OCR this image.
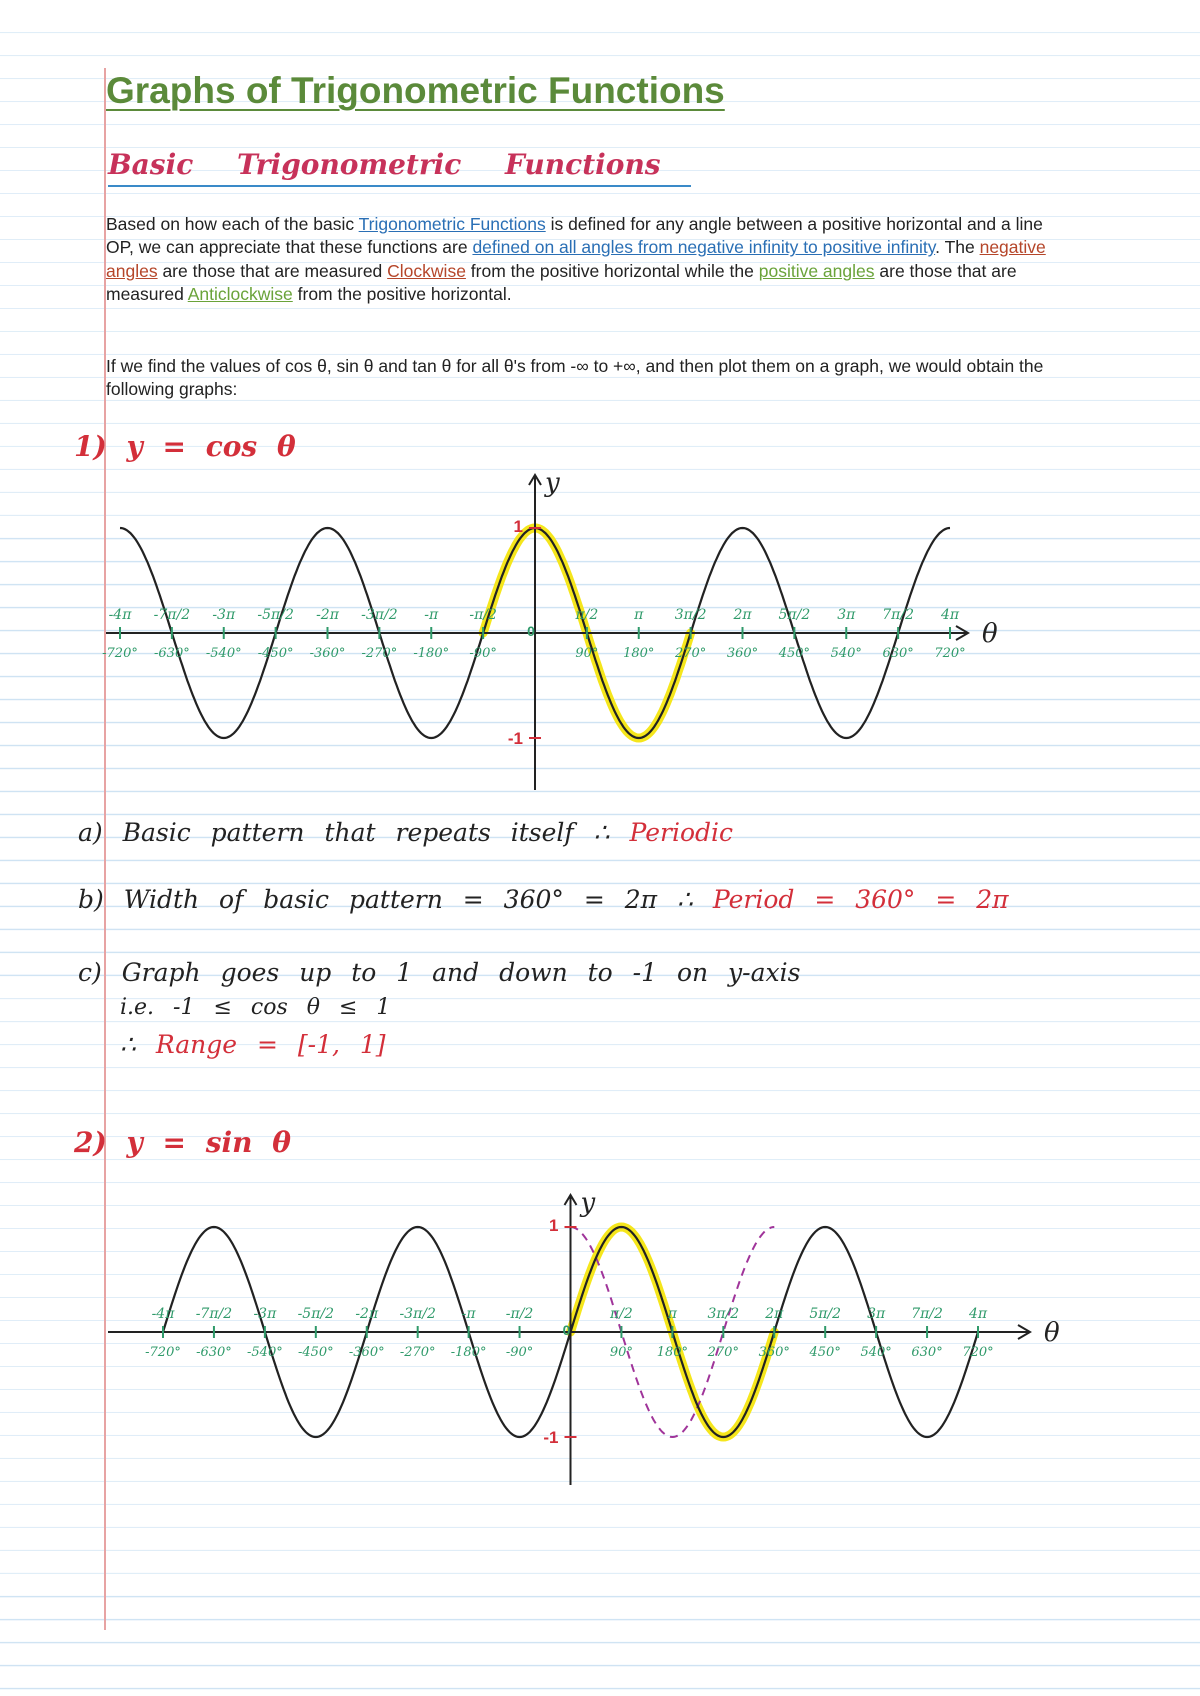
Graphs of Trigonometric Functions
Basic Trigonometric Functions

Based on how each of the basic Trigonometric Functions is defined for any angle between a positive horizontal and a line OP, we can appreciate that these functions are defined on all angles from negative infinity to positive infinity. The negative angles are those that are measured Clockwise from the positive horizontal while the positive angles are those that are measured Anticlockwise from the positive horizontal.

If we find the values of cos θ, sin θ and tan θ for all θ's from -∞ to +∞, and then plot them on a graph, we would obtain the following graphs:

1) y = cos θ
-4π
-720°
-7π/2
-630°
-3π
-540°
-5π/2
-450°
-2π
-360°
-3π/2
-270°
-π
-180°
-π/2
-90°
π/2
90°
π
180°
3π/2
270°
2π
360°
5π/2
450°
3π
540°
7π/2
630°
4π
720°
1
0
-1
θ
y

a) Basic pattern that repeats itself ∴ Periodic

b) Width of basic pattern = 360° = 2π ∴ Period = 360° = 2π

c) Graph goes up to 1 and down to -1 on y-axis

i.e. -1 ≤ cos θ ≤ 1

∴ Range = [-1, 1]

2) y = sin θ
-4π
-720°
-7π/2
-630°
-3π
-540°
-5π/2
-450°
-2π
-360°
-3π/2
-270°
-π
-180°
-π/2
-90°
π/2
90°
π
180°
3π/2
270°
2π
360°
5π/2
450°
3π
540°
7π/2
630°
4π
720°
1
0
-1
θ
y
